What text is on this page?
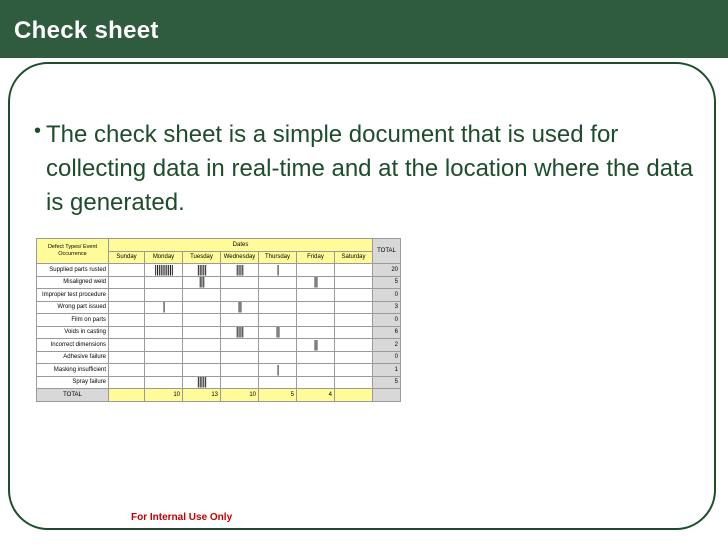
Check sheet
• The check sheet is a simple document that is used for collecting data in real-time and at the location where the data is generated.
Defect Types/ Event Occurrence	Dates							TOTAL
	Sunday	Monday	Tuesday	Wednesday	Thursday	Friday	Saturday	
Supplied parts rusted		||||||||||	|||||	||||	|			20
Misaligned weld			|||			||		5
Improper test procedure								0
Wrong part issued		|		||				3
Film on parts								0
Voids in casting				||||	||			6
Incorrect dimensions						||		2
Adhesive failure								0
Masking insufficient					|			1
Spray failure			|||||					5
TOTAL		10	13	10	5	4		
For Internal Use Only
